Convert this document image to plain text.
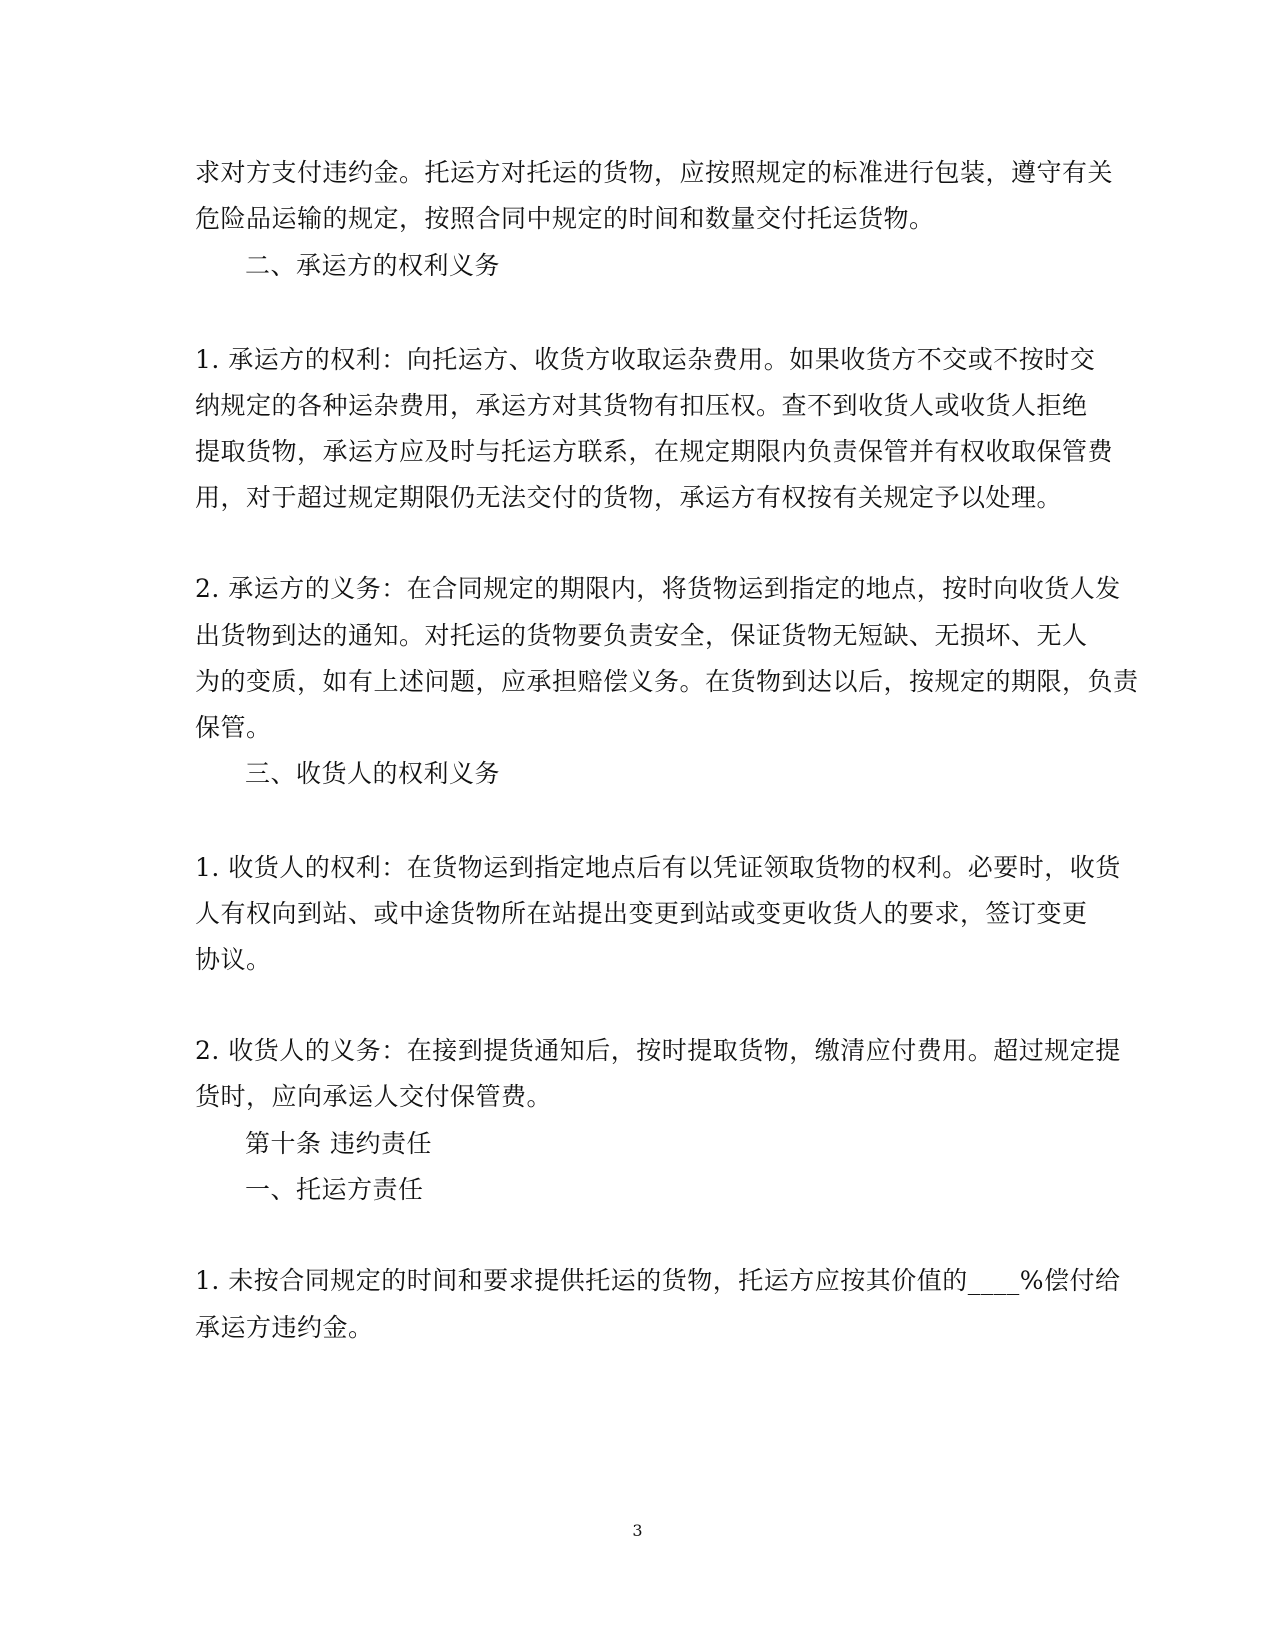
求对方支付违约金。托运方对托运的货物，应按照规定的标准进行包装，遵守有关
危险品运输的规定，按照合同中规定的时间和数量交付托运货物。
二、承运方的权利义务
1. 承运方的权利：向托运方、收货方收取运杂费用。如果收货方不交或不按时交
纳规定的各种运杂费用，承运方对其货物有扣压权。查不到收货人或收货人拒绝
提取货物，承运方应及时与托运方联系，在规定期限内负责保管并有权收取保管费
用，对于超过规定期限仍无法交付的货物，承运方有权按有关规定予以处理。
2. 承运方的义务：在合同规定的期限内，将货物运到指定的地点，按时向收货人发
出货物到达的通知。对托运的货物要负责安全，保证货物无短缺、无损坏、无人
为的变质，如有上述问题，应承担赔偿义务。在货物到达以后，按规定的期限，负责
保管。
三、收货人的权利义务
1. 收货人的权利：在货物运到指定地点后有以凭证领取货物的权利。必要时，收货
人有权向到站、或中途货物所在站提出变更到站或变更收货人的要求，签订变更
协议。
2. 收货人的义务：在接到提货通知后，按时提取货物，缴清应付费用。超过规定提
货时，应向承运人交付保管费。
第十条 违约责任
一、托运方责任
1. 未按合同规定的时间和要求提供托运的货物，托运方应按其价值的____%偿付给
承运方违约金。
3
